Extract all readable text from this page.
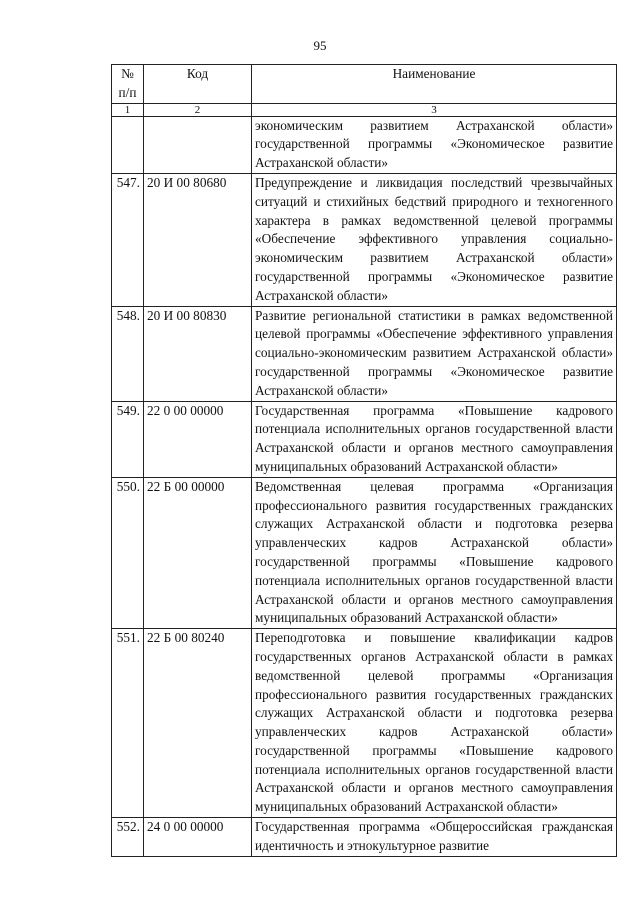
95
№
п/п	Код	Наименование
1	2	3
		экономическим развитием Астраханской области» государственной программы «Экономическое развитие Астраханской области»
547.	20 И 00 80680	Предупреждение и ликвидация последствий чрезвычайных ситуаций и стихийных бедствий природного и техногенного характера в рамках ведомственной целевой программы «Обеспечение эффективного управления социально-экономическим развитием Астраханской области» государственной программы «Экономическое развитие Астраханской области»
548.	20 И 00 80830	Развитие региональной статистики в рамках ведомственной целевой программы «Обеспечение эффективного управления социально-экономическим развитием Астраханской области» государственной программы «Экономическое развитие Астраханской области»
549.	22 0 00 00000	Государственная программа «Повышение кадрового потенциала исполнительных органов государственной власти Астраханской области и органов местного самоуправления муниципальных образований Астраханской области»
550.	22 Б 00 00000	Ведомственная целевая программа «Организация профессионального развития государственных гражданских служащих Астраханской области и подготовка резерва управленческих кадров Астраханской области» государственной программы «Повышение кадрового потенциала исполнительных органов государственной власти Астраханской области и органов местного самоуправления муниципальных образований Астраханской области»
551.	22 Б 00 80240	Переподготовка и повышение квалификации кадров государственных органов Астраханской области в рамках ведомственной целевой программы «Организация профессионального развития государственных гражданских служащих Астраханской области и подготовка резерва управленческих кадров Астраханской области» государственной программы «Повышение кадрового потенциала исполнительных органов государственной власти Астраханской области и органов местного самоуправления муниципальных образований Астраханской области»
552.	24 0 00 00000	Государственная программа «Общероссийская гражданская идентичность и этнокультурное развитие
